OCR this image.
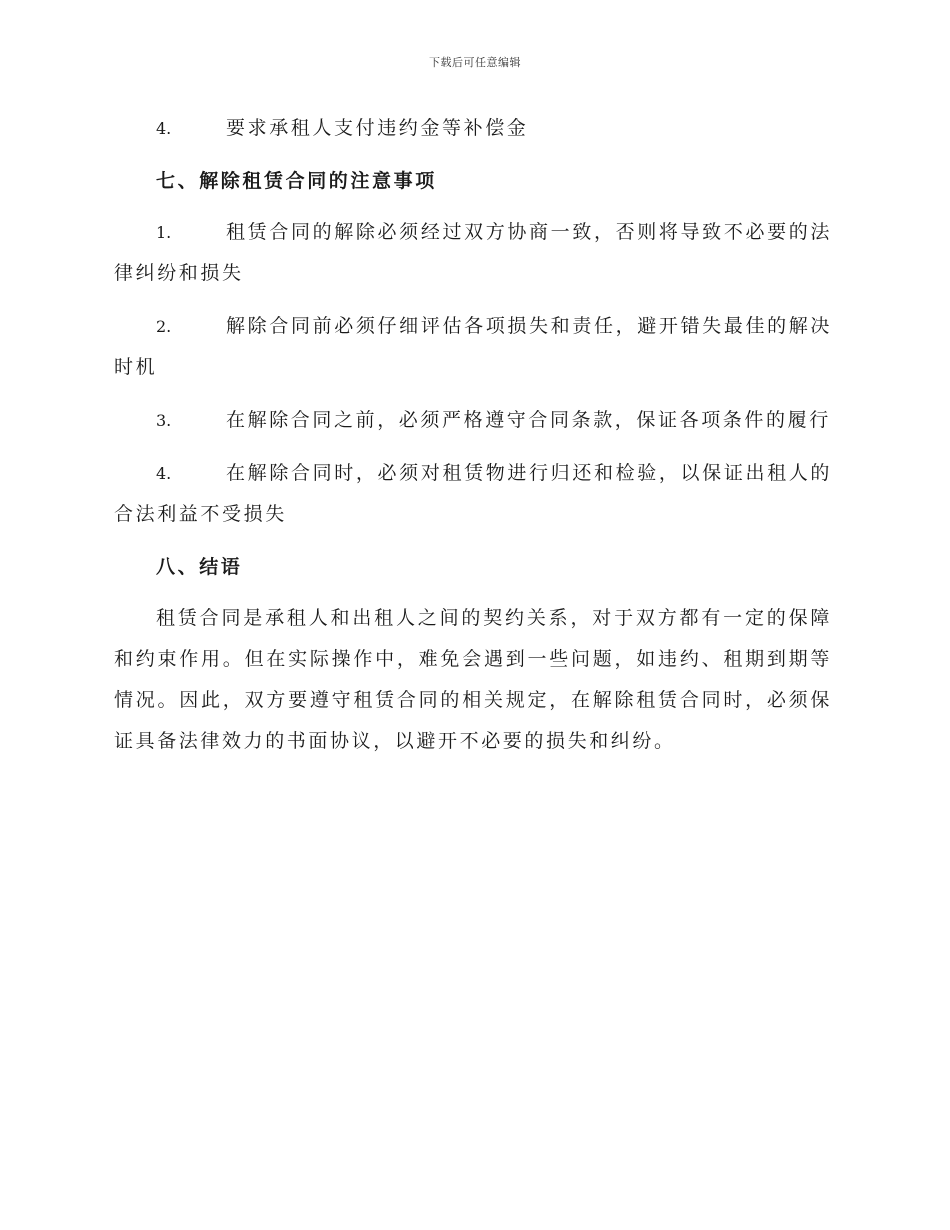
下载后可任意编辑

4.	要求承租人支付违约金等补偿金

七、解除租赁合同的注意事项

1.	租赁合同的解除必须经过双方协商一致，否则将导致不必要的法律纠纷和损失

2.	解除合同前必须仔细评估各项损失和责任，避开错失最佳的解决时机

3.	在解除合同之前，必须严格遵守合同条款，保证各项条件的履行

4.	在解除合同时，必须对租赁物进行归还和检验，以保证出租人的合法利益不受损失

八、结语

租赁合同是承租人和出租人之间的契约关系，对于双方都有一定的保障和约束作用。但在实际操作中，难免会遇到一些问题，如违约、租期到期等情况。因此，双方要遵守租赁合同的相关规定，在解除租赁合同时，必须保证具备法律效力的书面协议，以避开不必要的损失和纠纷。
